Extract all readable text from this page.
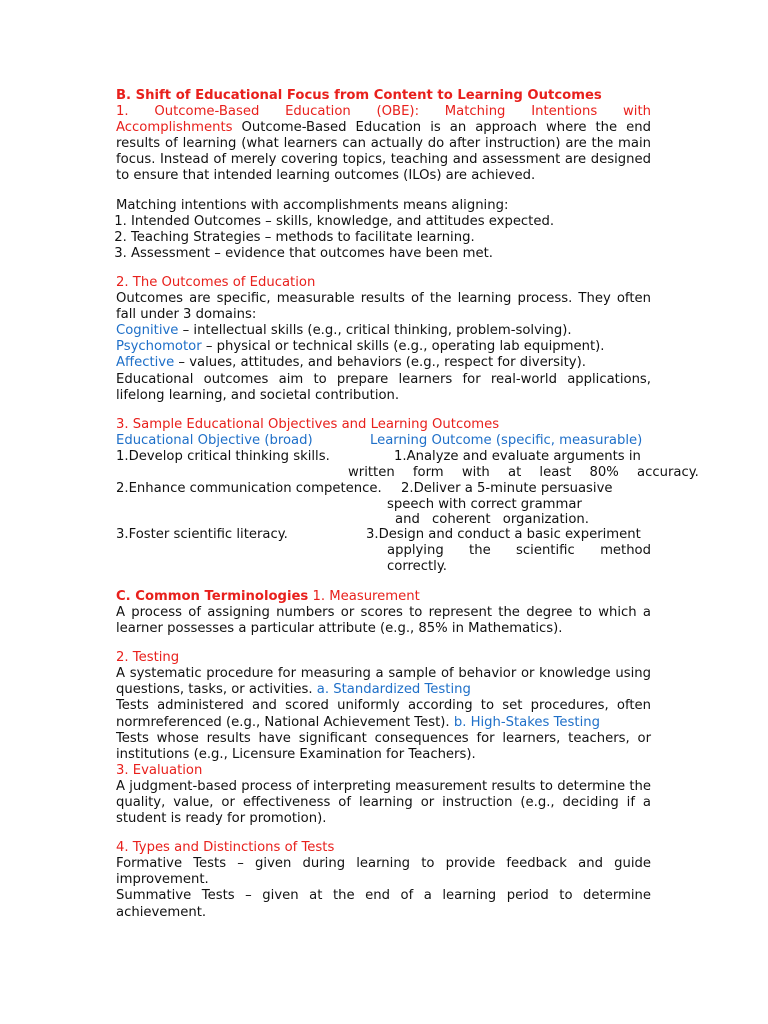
B. Shift of Educational Focus from Content to Learning Outcomes

1. Outcome-Based Education (OBE): Matching Intentions with

Accomplishments Outcome-Based Education is an approach where the end results of learning (what learners can actually do after instruction) are the main focus. Instead of merely covering topics, teaching and assessment are designed to ensure that intended learning outcomes (ILOs) are achieved.

Matching intentions with accomplishments means aligning:

1. Intended Outcomes – skills, knowledge, and attitudes expected.
2. Teaching Strategies – methods to facilitate learning.
3. Assessment – evidence that outcomes have been met.

2. The Outcomes of Education

Outcomes are specific, measurable results of the learning process. They often fall under 3 domains:

Cognitive – intellectual skills (e.g., critical thinking, problem-solving).

Psychomotor – physical or technical skills (e.g., operating lab equipment).

Affective – values, attitudes, and behaviors (e.g., respect for diversity).

Educational outcomes aim to prepare learners for real-world applications, lifelong learning, and societal contribution.

3. Sample Educational Objectives and Learning Outcomes

Educational Objective (broad)	Learning Outcome (specific, measurable)
1.Develop critical thinking skills.	1.Analyze and evaluate arguments in
written form with at least 80% accuracy.
2.Enhance communication competence. 2.Deliver a 5-minute persuasive
speech with correct grammar
and coherent organization.
3.Foster scientific literacy.	3.Design and conduct a basic experiment
applying the scientific method
correctly.

C. Common Terminologies 1. Measurement

A process of assigning numbers or scores to represent the degree to which a learner possesses a particular attribute (e.g., 85% in Mathematics).

2. Testing

A systematic procedure for measuring a sample of behavior or knowledge using questions, tasks, or activities. a. Standardized Testing

Tests administered and scored uniformly according to set procedures, often normreferenced (e.g., National Achievement Test). b. High-Stakes Testing

Tests whose results have significant consequences for learners, teachers, or institutions (e.g., Licensure Examination for Teachers).

3. Evaluation

A judgment-based process of interpreting measurement results to determine the quality, value, or effectiveness of learning or instruction (e.g., deciding if a student is ready for promotion).

4. Types and Distinctions of Tests

Formative Tests – given during learning to provide feedback and guide improvement.

Summative Tests – given at the end of a learning period to determine achievement.
